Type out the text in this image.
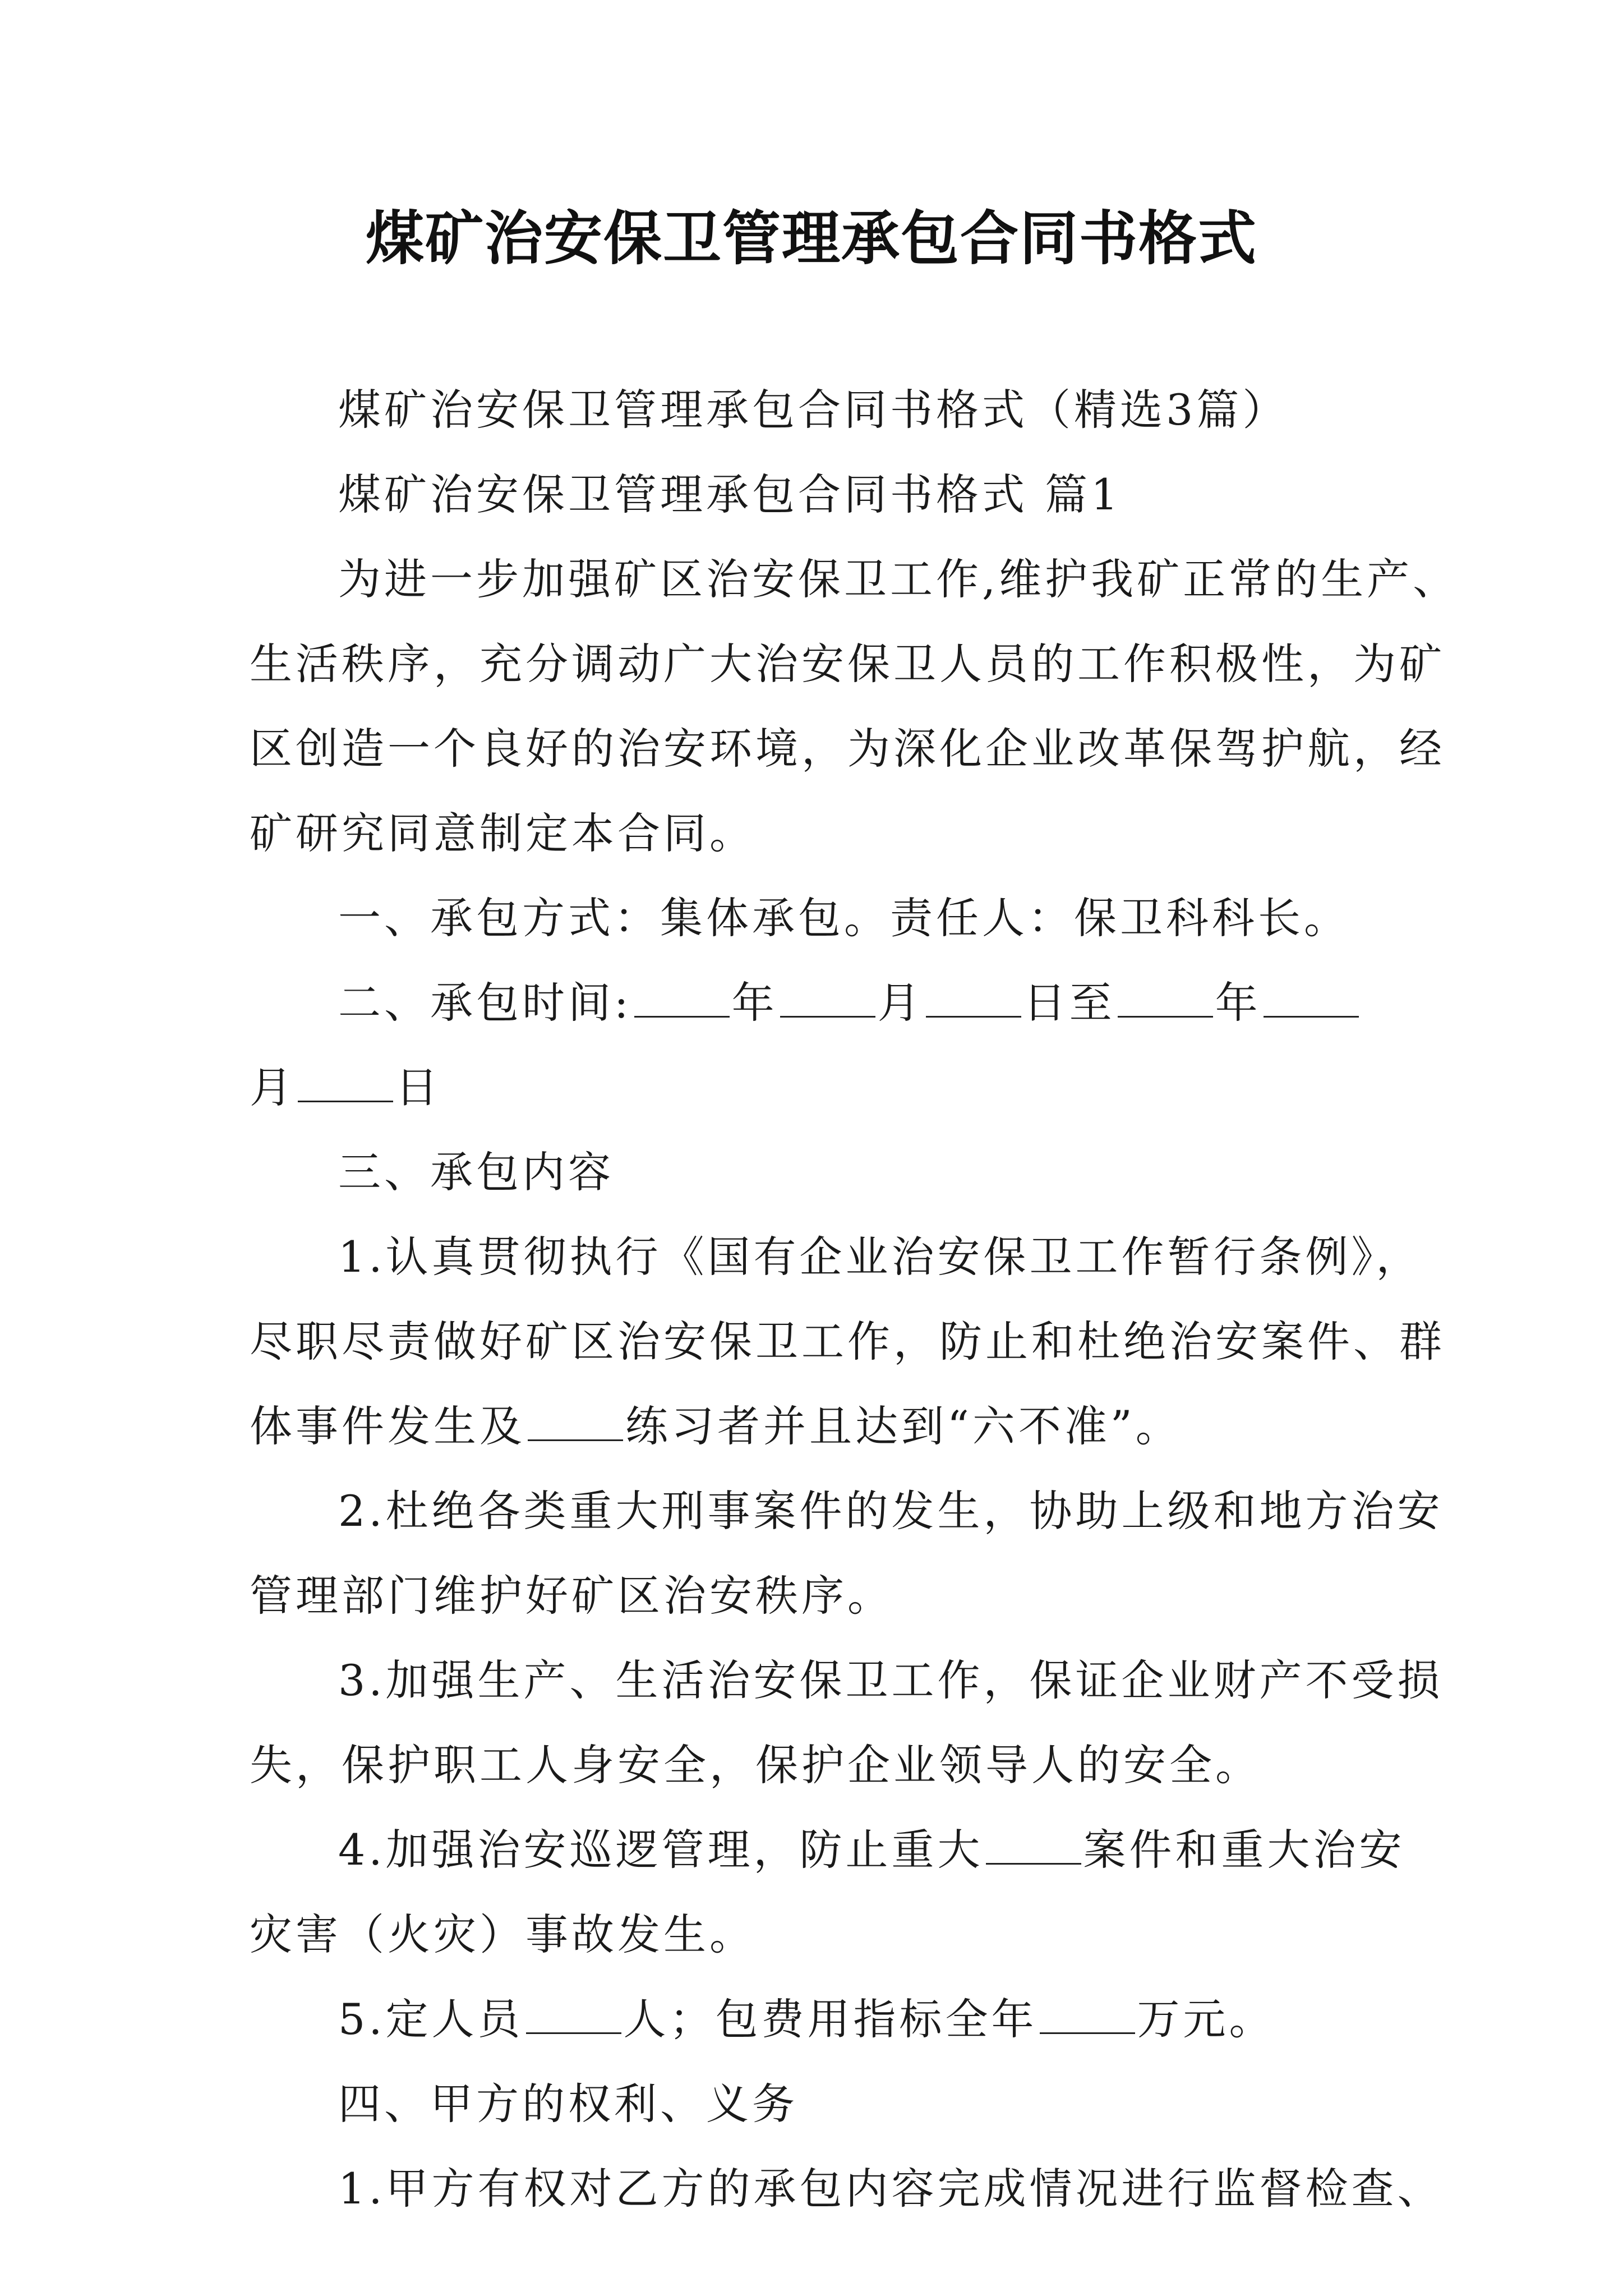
煤矿治安保卫管理承包合同书格式
煤矿治安保卫管理承包合同书格式（精选3篇）
煤矿治安保卫管理承包合同书格式 篇1
为进一步加强矿区治安保卫工作,维护我矿正常的生产、
生活秩序，充分调动广大治安保卫人员的工作积极性，为矿
区创造一个良好的治安环境，为深化企业改革保驾护航，经
矿研究同意制定本合同。
一、承包方式：集体承包。责任人：保卫科科长。
二、承包时间: 年 月 日至 年
月 日
三、承包内容
1.认真贯彻执行《国有企业治安保卫工作暂行条例》，
尽职尽责做好矿区治安保卫工作，防止和杜绝治安案件、群
体事件发生及 练习者并且达到“六不准”。
2.杜绝各类重大刑事案件的发生，协助上级和地方治安
管理部门维护好矿区治安秩序。
3.加强生产、生活治安保卫工作，保证企业财产不受损
失，保护职工人身安全，保护企业领导人的安全。
4.加强治安巡逻管理，防止重大 案件和重大治安
灾害（火灾）事故发生。
5.定人员 人；包费用指标全年 万元。
四、甲方的权利、义务
1.甲方有权对乙方的承包内容完成情况进行监督检查、
